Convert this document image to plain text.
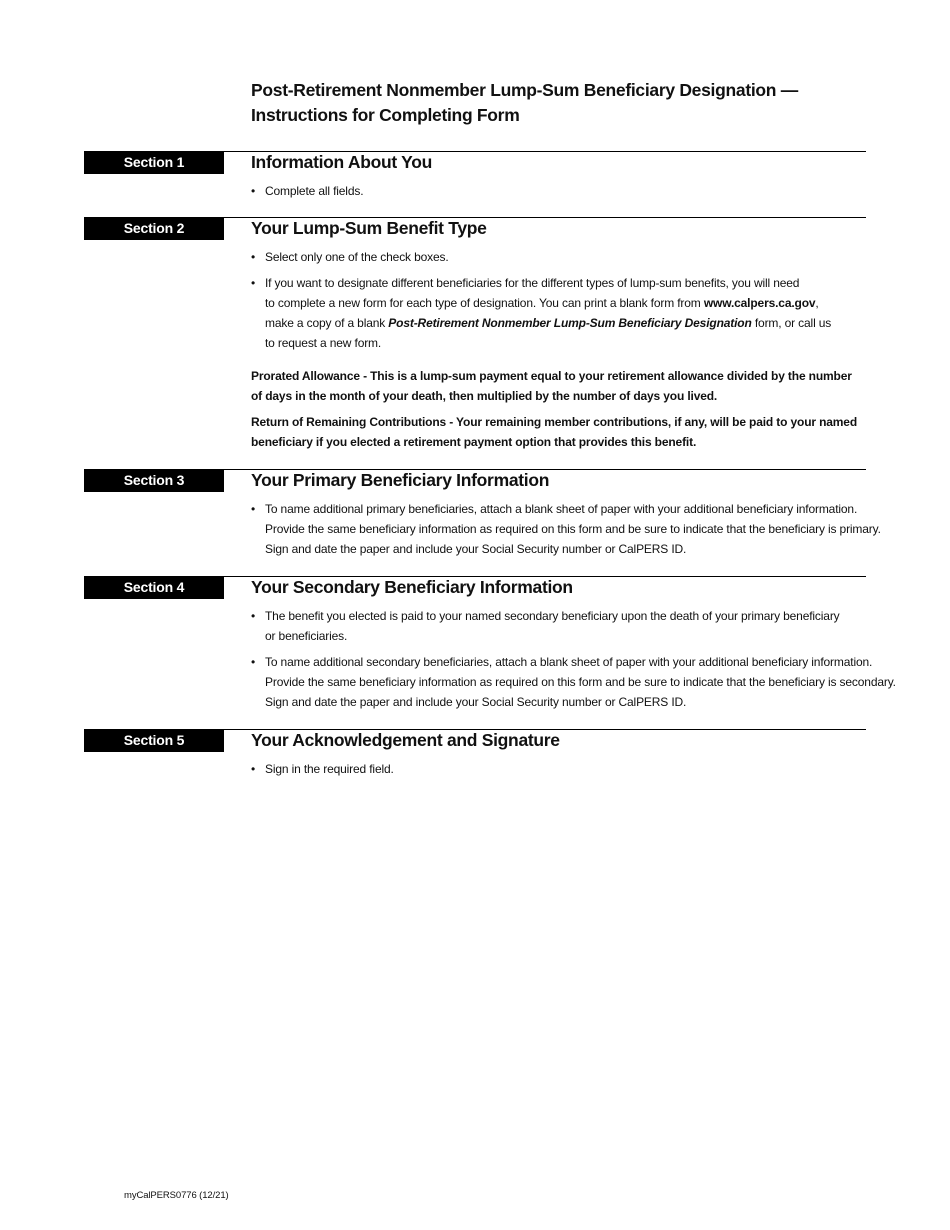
Post-Retirement Nonmember Lump-Sum Beneficiary Designation —
Instructions for Completing Form
Section 1	Information About You
• Complete all fields.
Section 2	Your Lump-Sum Benefit Type
• Select only one of the check boxes.
• If you want to designate different beneficiaries for the different types of lump-sum benefits, you will need
to complete a new form for each type of designation. You can print a blank form from www.calpers.ca.gov,
make a copy of a blank Post-Retirement Nonmember Lump-Sum Beneficiary Designation form, or call us
to request a new form.
Prorated Allowance - This is a lump-sum payment equal to your retirement allowance divided by the number
of days in the month of your death, then multiplied by the number of days you lived.
Return of Remaining Contributions - Your remaining member contributions, if any, will be paid to your named
beneficiary if you elected a retirement payment option that provides this benefit.
Section 3	Your Primary Beneficiary Information
• To name additional primary beneficiaries, attach a blank sheet of paper with your additional beneficiary information.
Provide the same beneficiary information as required on this form and be sure to indicate that the beneficiary is primary.
Sign and date the paper and include your Social Security number or CalPERS ID.
Section 4	Your Secondary Beneficiary Information
• The benefit you elected is paid to your named secondary beneficiary upon the death of your primary beneficiary
or beneficiaries.
• To name additional secondary beneficiaries, attach a blank sheet of paper with your additional beneficiary information.
Provide the same beneficiary information as required on this form and be sure to indicate that the beneficiary is secondary.
Sign and date the paper and include your Social Security number or CalPERS ID.
Section 5	Your Acknowledgement and Signature
• Sign in the required field.
myCalPERS0776 (12/21)
